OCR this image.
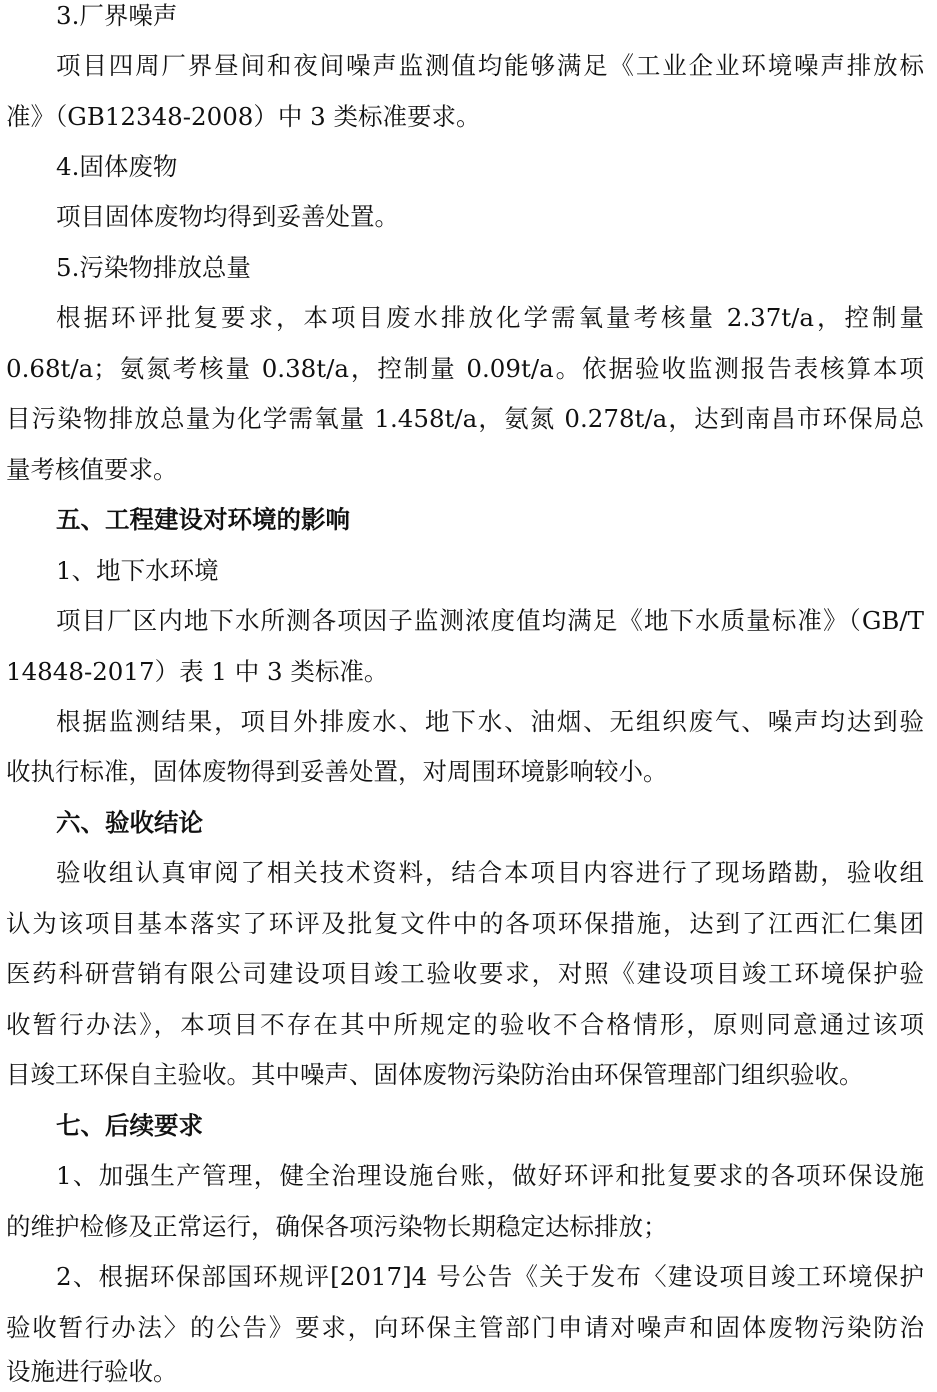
3.厂界噪声
项目四周厂界昼间和夜间噪声监测值均能够满足《工业企业环境噪声排放标
准》（GB12348-2008）中 3 类标准要求。
4.固体废物
项目固体废物均得到妥善处置。
5.污染物排放总量
根据环评批复要求，本项目废水排放化学需氧量考核量 2.37t/a，控制量
0.68t/a；氨氮考核量 0.38t/a，控制量 0.09t/a。依据验收监测报告表核算本项
目污染物排放总量为化学需氧量 1.458t/a，氨氮 0.278t/a，达到南昌市环保局总
量考核值要求。
五、工程建设对环境的影响
1、地下水环境
项目厂区内地下水所测各项因子监测浓度值均满足《地下水质量标准》（GB/T
14848-2017）表 1 中 3 类标准。
根据监测结果，项目外排废水、地下水、油烟、无组织废气、噪声均达到验
收执行标准，固体废物得到妥善处置，对周围环境影响较小。
六、验收结论
验收组认真审阅了相关技术资料，结合本项目内容进行了现场踏勘，验收组
认为该项目基本落实了环评及批复文件中的各项环保措施，达到了江西汇仁集团
医药科研营销有限公司建设项目竣工验收要求，对照《建设项目竣工环境保护验
收暂行办法》，本项目不存在其中所规定的验收不合格情形，原则同意通过该项
目竣工环保自主验收。其中噪声、固体废物污染防治由环保管理部门组织验收。
七、后续要求
1、加强生产管理，健全治理设施台账，做好环评和批复要求的各项环保设施
的维护检修及正常运行，确保各项污染物长期稳定达标排放；
2、根据环保部国环规评[2017]4 号公告《关于发布〈建设项目竣工环境保护
验收暂行办法〉的公告》要求，向环保主管部门申请对噪声和固体废物污染防治
设施进行验收。
